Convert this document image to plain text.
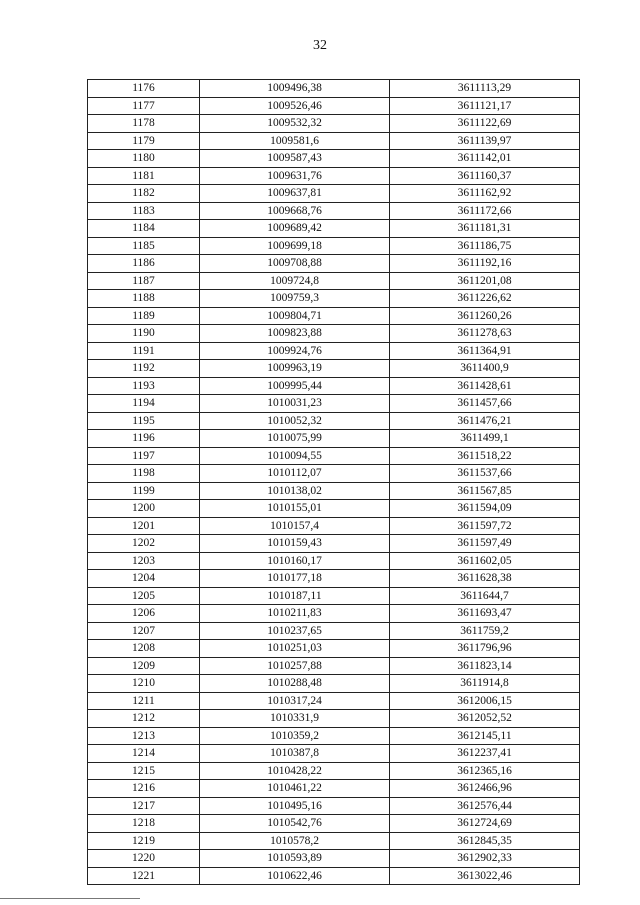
32
1176	1009496,38	3611113,29
1177	1009526,46	3611121,17
1178	1009532,32	3611122,69
1179	1009581,6	3611139,97
1180	1009587,43	3611142,01
1181	1009631,76	3611160,37
1182	1009637,81	3611162,92
1183	1009668,76	3611172,66
1184	1009689,42	3611181,31
1185	1009699,18	3611186,75
1186	1009708,88	3611192,16
1187	1009724,8	3611201,08
1188	1009759,3	3611226,62
1189	1009804,71	3611260,26
1190	1009823,88	3611278,63
1191	1009924,76	3611364,91
1192	1009963,19	3611400,9
1193	1009995,44	3611428,61
1194	1010031,23	3611457,66
1195	1010052,32	3611476,21
1196	1010075,99	3611499,1
1197	1010094,55	3611518,22
1198	1010112,07	3611537,66
1199	1010138,02	3611567,85
1200	1010155,01	3611594,09
1201	1010157,4	3611597,72
1202	1010159,43	3611597,49
1203	1010160,17	3611602,05
1204	1010177,18	3611628,38
1205	1010187,11	3611644,7
1206	1010211,83	3611693,47
1207	1010237,65	3611759,2
1208	1010251,03	3611796,96
1209	1010257,88	3611823,14
1210	1010288,48	3611914,8
1211	1010317,24	3612006,15
1212	1010331,9	3612052,52
1213	1010359,2	3612145,11
1214	1010387,8	3612237,41
1215	1010428,22	3612365,16
1216	1010461,22	3612466,96
1217	1010495,16	3612576,44
1218	1010542,76	3612724,69
1219	1010578,2	3612845,35
1220	1010593,89	3612902,33
1221	1010622,46	3613022,46
